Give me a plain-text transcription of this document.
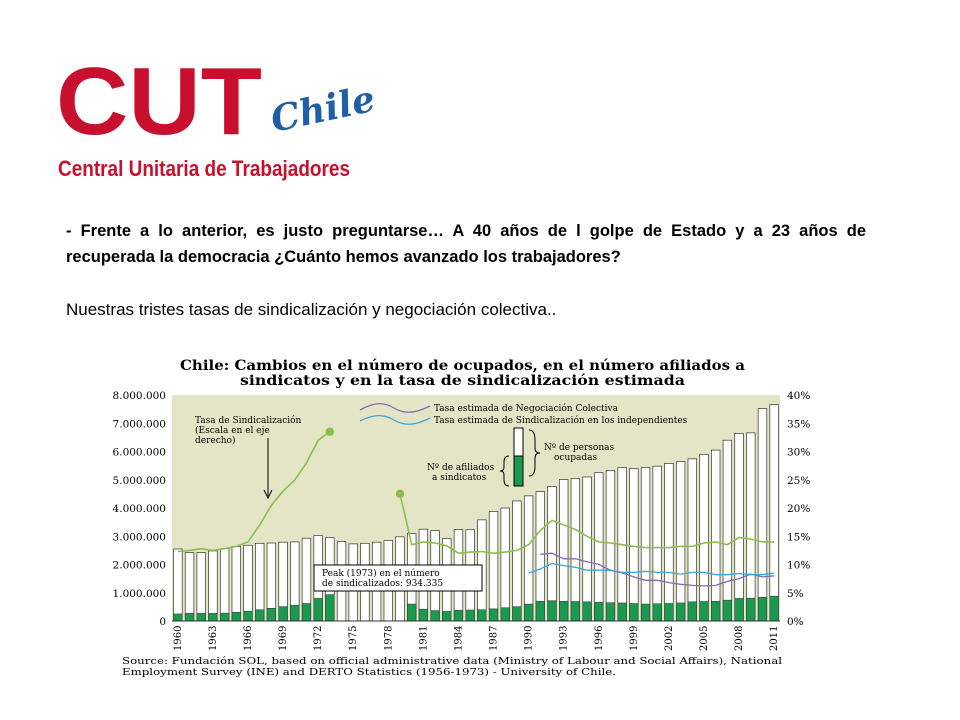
CUT Chile
Central Unitaria de Trabajadores
- Frente a lo anterior, es justo preguntarse… A 40 años de l golpe de Estado y a 23 años de recuperada la democracia ¿Cuánto hemos avanzado los trabajadores?
Nuestras tristes tasas de sindicalización y negociación colectiva..
Chile: Cambios en el número de ocupados, en el número afiliados a
sindicatos y en la tasa de sindicalización estimada
0
1.000.000
2.000.000
3.000.000
4.000.000
5.000.000
6.000.000
7.000.000
8.000.000
0%
5%
10%
15%
20%
25%
30%
35%
40%
1960 1963 1966 1969 1972 1975 1978 1981 1984 1987 1990 1993 1996 1999 2002 2005 2008 2011
Tasa de Sindicalización
(Escala en el eje
derecho)
Tasa estimada de Negociación Colectiva
Tasa estimada de Sindicalización en los independientes
Nº de personas
ocupadas
Nº de afiliados
a sindicatos
Peak (1973) en el número
de sindicalizados: 934.335
Source: Fundación SOL, based on official administrative data (Ministry of Labour and Social Affairs), National
Employment Survey (INE) and DERTO Statistics (1956-1973) - University of Chile.
